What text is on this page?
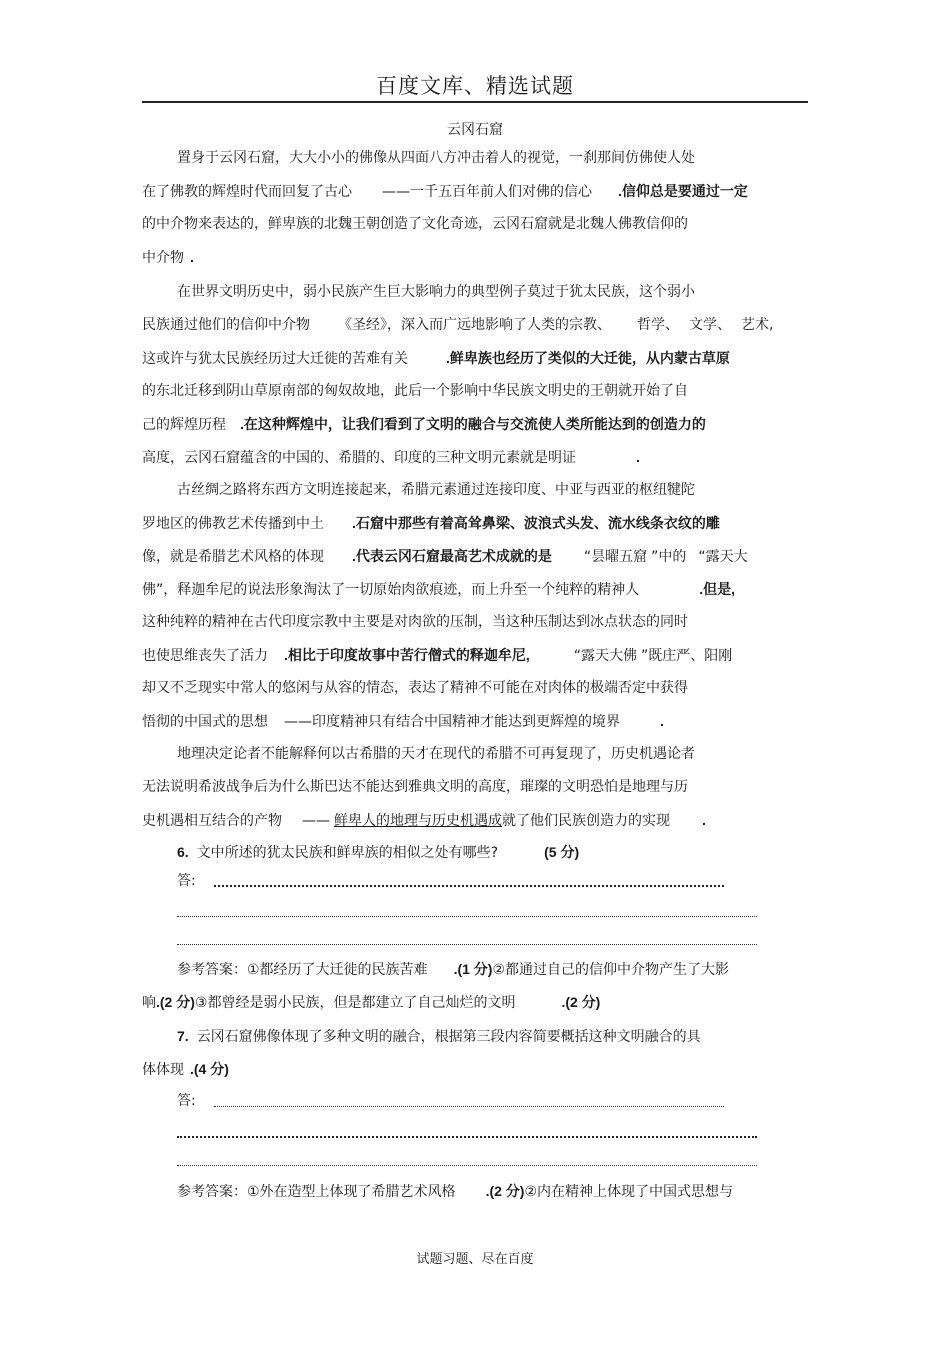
百度文库、精选试题
云冈石窟
置身于云冈石窟，大大小小的佛像从四面八方冲击着人的视觉，一刹那间仿佛使人处
在了佛教的辉煌时代而回复了古心 ——一千五百年前人们对佛的信心 .信仰总是要通过一定
的中介物来表达的，鲜卑族的北魏王朝创造了文化奇迹，云冈石窟就是北魏人佛教信仰的
中介物 .
在世界文明历史中，弱小民族产生巨大影响力的典型例子莫过于犹太民族，这个弱小
民族通过他们的信仰中介物 《圣经》，深入而广远地影响了人类的宗教、 哲学、 文学、 艺术,
这或许与犹太民族经历过大迁徙的苦难有关	.鲜卑族也经历了类似的大迁徙，从内蒙古草原
的东北迁移到阴山草原南部的匈奴故地，此后一个影响中华民族文明史的王朝就开始了自
己的辉煌历程 .在这种辉煌中，让我们看到了文明的融合与交流使人类所能达到的创造力的
高度，云冈石窟蕴含的中国的、希腊的、印度的三种文明元素就是明证	.
古丝绸之路将东西方文明连接起来，希腊元素通过连接印度、中亚与西亚的枢纽犍陀
罗地区的佛教艺术传播到中土 .石窟中那些有着高耸鼻梁、波浪式头发、流水线条衣纹的雕
像，就是希腊艺术风格的体现 .代表云冈石窟最高艺术成就的是 “昙曜五窟 ”中的 “露天大
佛”，释迦牟尼的说法形象淘汰了一切原始肉欲痕迹，而上升至一个纯粹的精神人	.但是,
这种纯粹的精神在古代印度宗教中主要是对肉欲的压制，当这种压制达到冰点状态的同时
也使思维丧失了活力 .相比于印度故事中苦行僧式的释迦牟尼,	“露天大佛 ”既庄严、阳刚
却又不乏现实中常人的悠闲与从容的情态，表达了精神不可能在对肉体的极端否定中获得
悟彻的中国式的思想 ——印度精神只有结合中国精神才能达到更辉煌的境界	.
地理决定论者不能解释何以古希腊的天才在现代的希腊不可再复现了，历史机遇论者
无法说明希波战争后为什么斯巴达不能达到雅典文明的高度，璀璨的文明恐怕是地理与历
史机遇相互结合的产物 —— 鲜卑人的地理与历史机遇成就了他们民族创造力的实现 .
6. 文中所述的犹太民族和鲜卑族的相似之处有哪些?	(5 分)
答:
参考答案：①都经历了大迁徙的民族苦难 .(1 分)②都通过自己的信仰中介物产生了大影
响.(2 分)③都曾经是弱小民族，但是都建立了自己灿烂的文明	.(2 分)
7. 云冈石窟佛像体现了多种文明的融合，根据第三段内容简要概括这种文明融合的具
体体现 .(4 分)
答:
参考答案：①外在造型上体现了希腊艺术风格 .(2 分)②内在精神上体现了中国式思想与
试题习题、尽在百度
